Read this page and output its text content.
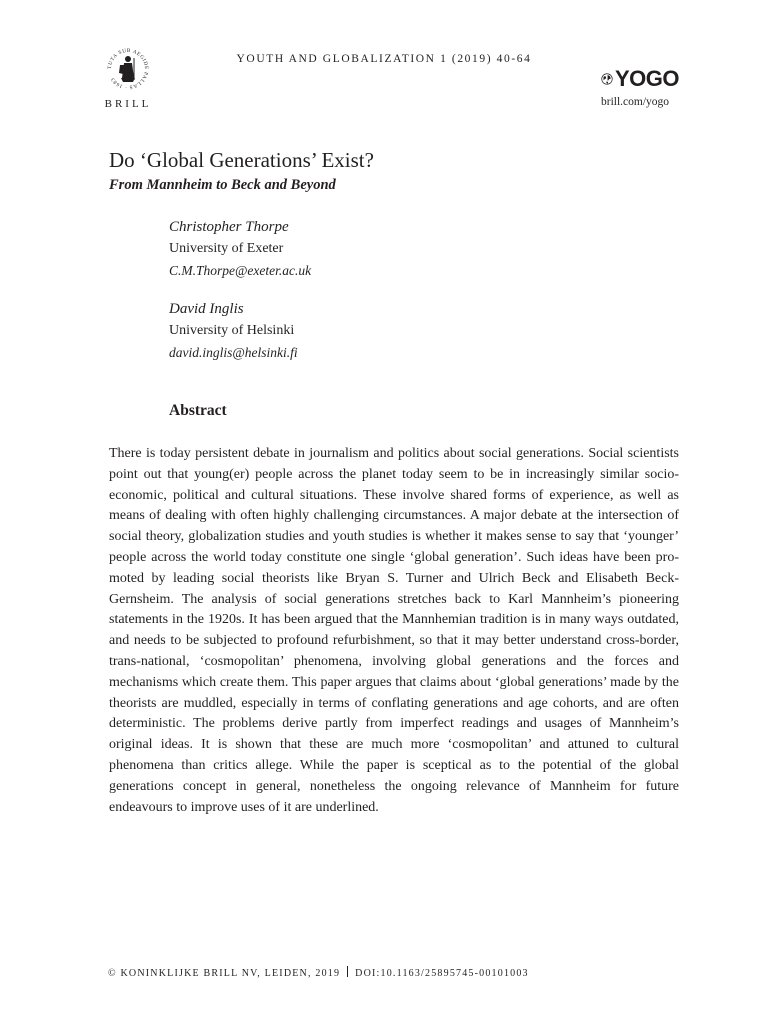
TUTA SUB AEGIDE PALLAS · 1683
BRILL
YOUTH AND GLOBALIZATION 1 (2019) 40-64
YOGO
brill.com/yogo
Do ‘Global Generations’ Exist?
From Mannheim to Beck and Beyond
Christopher Thorpe
University of Exeter
C.M.Thorpe@exeter.ac.uk
David Inglis
University of Helsinki
david.inglis@helsinki.fi
Abstract

There is today persistent debate in journalism and politics about social generations. Social scientists point out that young(er) people across the planet today seem to be in increasingly similar socio-economic, political and cultural situations. These involve shared forms of experience, as well as means of dealing with often highly challenging circumstances. A major debate at the intersection of social theory, globalization studies and youth studies is whether it makes sense to say that ‘younger’ people across the world today constitute one single ‘global generation’. Such ideas have been promoted by leading social theorists like Bryan S. Turner and Ulrich Beck and Elisabeth Beck-Gernsheim. The analysis of social generations stretches back to Karl Mannheim’s pioneering statements in the 1920s. It has been argued that the Mannhemian tradition is in many ways outdated, and needs to be subjected to profound refurbishment, so that it may better understand cross-border, trans-national, ‘cosmopolitan’ phenomena, involving global generations and the forces and mechanisms which create them. This paper argues that claims about ‘global generations’ made by the theorists are muddled, especially in terms of conflating generations and age cohorts, and are often deterministic. The problems derive partly from imperfect readings and usages of Mannheim’s original ideas. It is shown that these are much more ‘cosmopolitan’ and attuned to cultural phenomena than critics allege. While the paper is sceptical as to the potential of the global generations concept in general, nonetheless the ongoing relevance of Mannheim for future endeavours to improve uses of it are underlined.

© KONINKLIJKE BRILL NV, LEIDEN, 2019 DOI:10.1163/25895745-00101003
